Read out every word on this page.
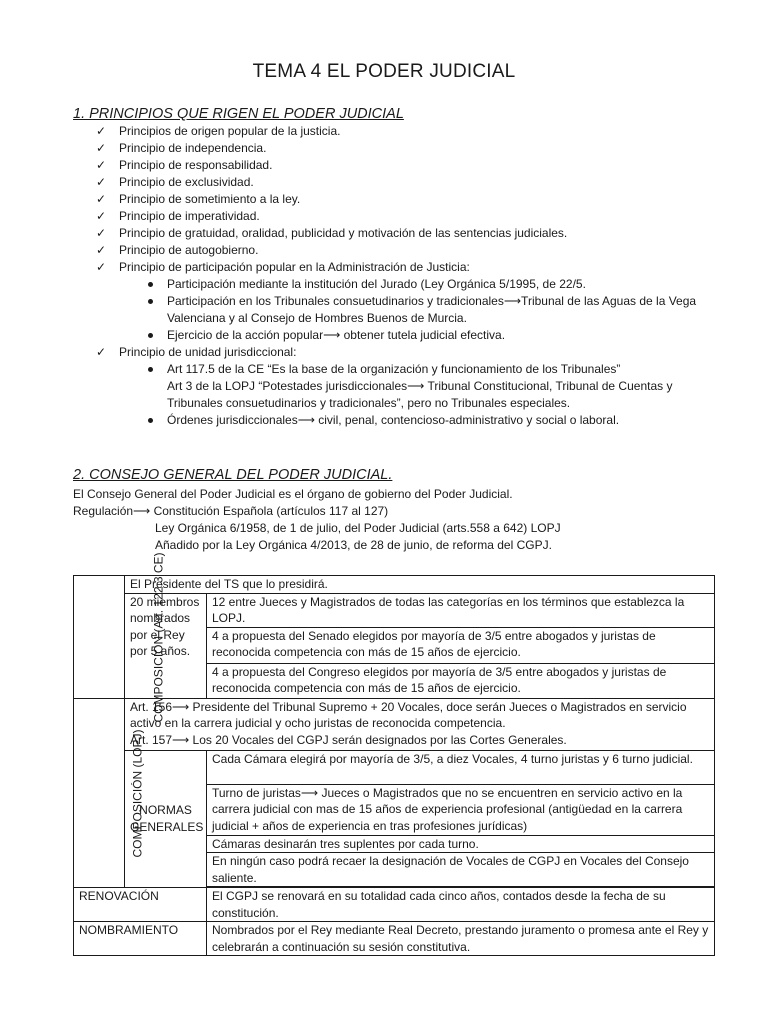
TEMA 4 EL PODER JUDICIAL
1. PRINCIPIOS QUE RIGEN EL PODER JUDICIAL
✓ Principios de origen popular de la justicia.
✓ Principio de independencia.
✓ Principio de responsabilidad.
✓ Principio de exclusividad.
✓ Principio de sometimiento a la ley.
✓ Principio de imperatividad.
✓ Principio de gratuidad, oralidad, publicidad y motivación de las sentencias judiciales.
✓ Principio de autogobierno.
✓ Principio de participación popular en la Administración de Justicia:
Participación mediante la institución del Jurado (Ley Orgánica 5/1995, de 22/5.
Participación en los Tribunales consuetudinarios y tradicionales⟶Tribunal de las Aguas de la Vega Valenciana y al Consejo de Hombres Buenos de Murcia.
Ejercicio de la acción popular⟶ obtener tutela judicial efectiva.
✓ Principio de unidad jurisdiccional:
Art 117.5 de la CE “Es la base de la organización y funcionamiento de los Tribunales”
Art 3 de la LOPJ “Potestades jurisdiccionales⟶ Tribunal Constitucional, Tribunal de Cuentas y Tribunales consuetudinarios y tradicionales”, pero no Tribunales especiales.
Órdenes jurisdiccionales⟶ civil, penal, contencioso-administrativo y social o laboral.
2. CONSEJO GENERAL DEL PODER JUDICIAL.
El Consejo General del Poder Judicial es el órgano de gobierno del Poder Judicial.
Regulación⟶ Constitución Española (artículos 117 al 127)
Ley Orgánica 6/1958, de 1 de julio, del Poder Judicial (arts.558 a 642) LOPJ
Añadido por la Ley Orgánica 4/2013, de 28 de junio, de reforma del CGPJ.
COMPOSICION (Art. 122.3 CE)	El Presidente del TS que lo presidirá.	
	20 miembros nombrados por el Rey por 5 años.	12 entre Jueces y Magistrados de todas las categorías en los términos que establezca la LOPJ.
		4 a propuesta del Senado elegidos por mayoría de 3/5 entre abogados y juristas de reconocida competencia con más de 15 años de ejercicio.
		4 a propuesta del Congreso elegidos por mayoría de 3/5 entre abogados y juristas de reconocida competencia con más de 15 años de ejercicio.
COMPOSICIÓN (LOPJ)	Art. 156⟶ Presidente del Tribunal Supremo + 20 Vocales, doce serán Jueces o Magistrados en servicio activo en la carrera judicial y ocho juristas de reconocida competencia.
Art. 157⟶ Los 20 Vocales del CGPJ serán designados por las Cortes Generales.	
	NORMAS GENERALES	Cada Cámara elegirá por mayoría de 3/5, a diez Vocales, 4 turno juristas y 6 turno judicial.
		Turno de juristas⟶ Jueces o Magistrados que no se encuentren en servicio activo en la carrera judicial con mas de 15 años de experiencia profesional (antigüedad en la carrera judicial + años de experiencia en tras profesiones jurídicas)
		Cámaras desinarán tres suplentes por cada turno.
		En ningún caso podrá recaer la designación de Vocales de CGPJ en Vocales del Consejo saliente.

RENOVACIÓN		El CGPJ se renovará en su totalidad cada cinco años, contados desde la fecha de su constitución.
NOMBRAMIENTO		Nombrados por el Rey mediante Real Decreto, prestando juramento o promesa ante el Rey y celebrarán a continuación su sesión constitutiva.
